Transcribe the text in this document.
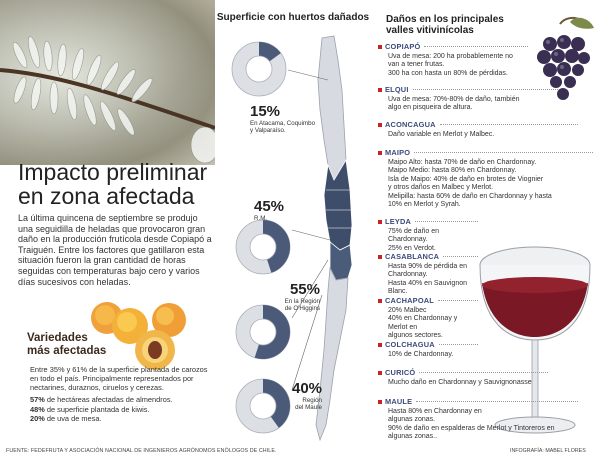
Impacto preliminar
en zona afectada
La última quincena de septiembre se produjo una seguidilla de heladas que provocaron gran daño en la producción frutícola desde Copiapó a Traiguén. Entre los factores que gatillaron esta situación fueron la gran cantidad de horas seguidas con temperaturas bajo cero y varios días sucesivos con heladas.
Variedades
más afectadas
Entre 35% y 61% de la superficie plantada de carozos en todo el país. Principalmente representados por nectarines, duraznos, ciruelos y cerezas.
57% de hectáreas afectadas de almendros.
48% de superficie plantada de kiwis.
20% de uva de mesa.
FUENTE: FEDEFRUTA Y ASOCIACIÓN NACIONAL DE INGENIEROS AGRÓNOMOS ENÓLOGOS DE CHILE.	INFOGRAFÍA: MABEL FLORES
Superficie con huertos dañados
15%
En Atacama, Coquimbo
y Valparaíso.
45%
R.M.
55%
En la Región
de O'Higgins
40%
Región
del Maule
Daños en los principales
valles vitivinícolas
COPIAPÓ
Uva de mesa: 200 ha probablemente no
van a tener frutas.
300 ha con hasta un 80% de pérdidas.
ELQUI
Uva de mesa: 70%-80% de daño, también
algo en pisqueira de altura.
ACONCAGUA
Daño variable en Merlot y Malbec.
MAIPO
Maipo Alto: hasta 70% de daño en Chardonnay.
Maipo Medio: hasta 80% en Chardonnay.
Isla de Maipo: 40% de daño en brotes de Viognier
y otros daños en Malbec y Merlot.
Melipilla: hasta 60% de daño en Chardonnay y hasta
10% en Merlot y Syrah.
LEYDA
75% de daño en Chardonnay.
25% en Verdot.
CASABLANCA
Hasta 90% de pérdida en
Chardonnay.
Hasta 40% en Sauvignon Blanc.
CACHAPOAL
20% Malbec
40% en Chardonnay y Merlot en
algunos sectores.
COLCHAGUA
10% de Chardonnay.
CURICÓ
Mucho daño en Chardonnay y Sauvignonasse
MAULE
Hasta 80% en Chardonnay en
algunas zonas.
90% de daño en espalderas de Merlot y Tintoreros en
algunas zonas..
